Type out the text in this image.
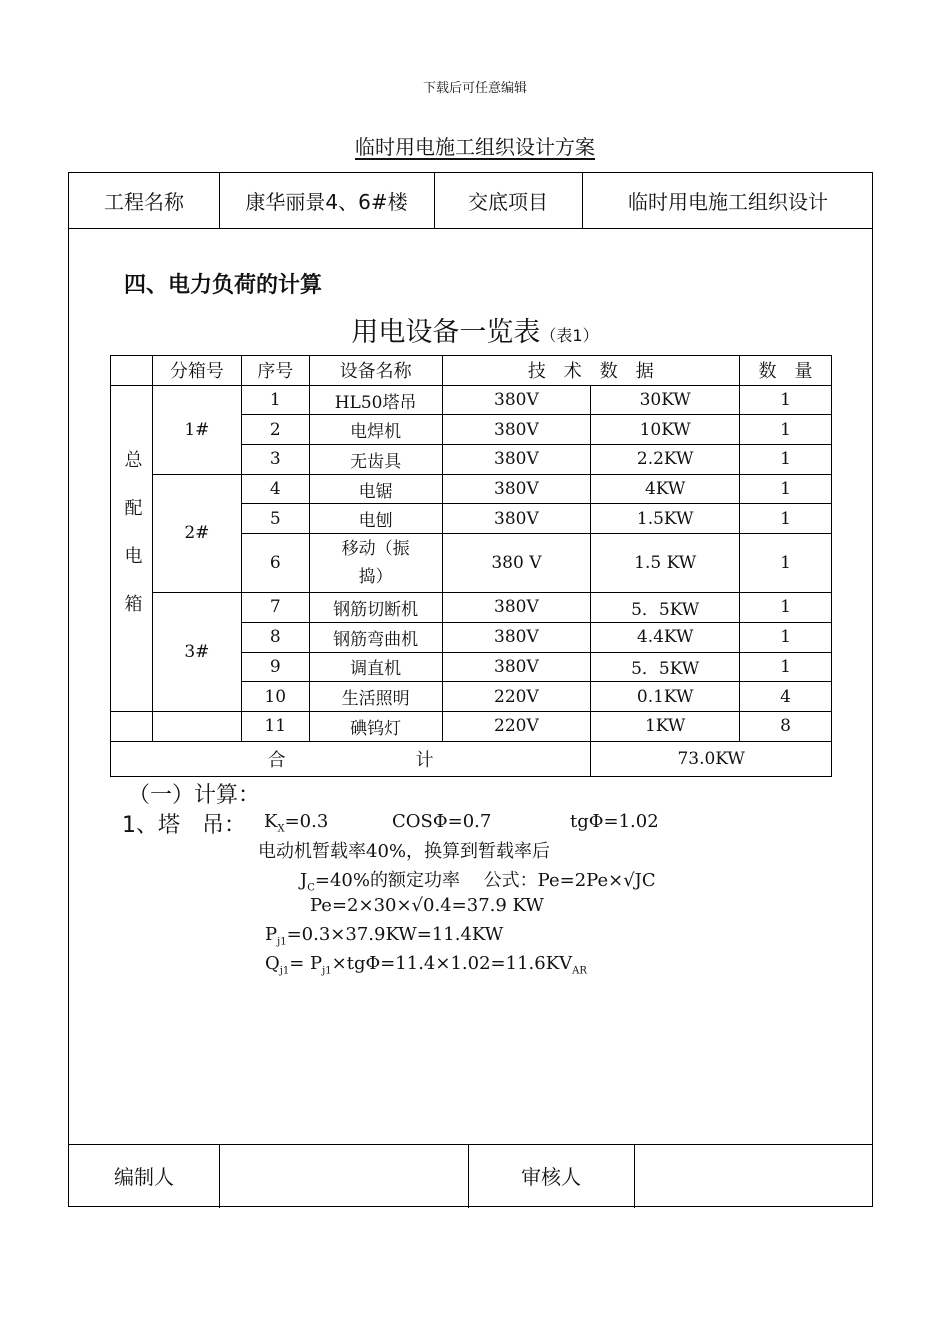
下载后可任意编辑
临时用电施工组织设计方案
工程名称	康华丽景4、6#楼	交底项目	临时用电施工组织设计
编制人	审核人
四、电力负荷的计算
用电设备一览表（表1）
	分箱号	序号	设备名称	技　术　数　据		数　量
总配电箱	1#	1	HL50塔吊	380V	30KW	1
		2	电焊机	380V	10KW	1
		3	无齿具	380V	2.2KW	1
	2#	4	电锯	380V	4KW	1
		5	电刨	380V	1.5KW	1
		6	移动（振捣）	380 V	1.5 KW	1
	3#	7	钢筋切断机	380V	5．5KW	1
		8	钢筋弯曲机	380V	4.4KW	1
		9	调直机	380V	5．5KW	1
		10	生活照明	220V	0.1KW	4
		11	碘钨灯	220V	1KW	8
合 计					73.0KW	
（一）计算：
1、塔　吊： $K_X=0.3$	COSΦ=0.7	tgΦ=1.02
电动机暂载率40%，换算到暂载率后
$J_C=40\%$的额定功率　 公式：Pe=2Pe×√JC
Pe=2×30×√0.4=37.9 KW
$P_{j1}=0.3\times 37.9KW=11.4KW$
$Q_{j1}= P_{j1}\times tg\Phi=11.4\times 1.02=11.6KV_{AR}$
